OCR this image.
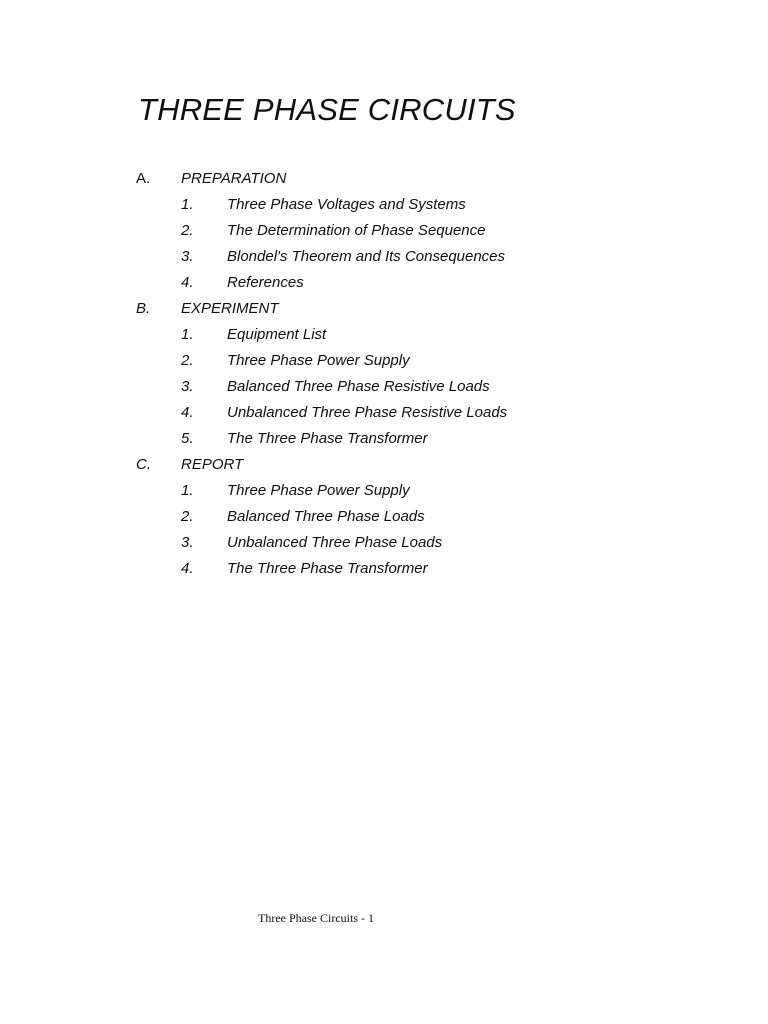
THREE PHASE CIRCUITS
A. PREPARATION
1. Three Phase Voltages and Systems
2. The Determination of Phase Sequence
3. Blondel's Theorem and Its Consequences
4. References
B. EXPERIMENT
1. Equipment List
2. Three Phase Power Supply
3. Balanced Three Phase Resistive Loads
4. Unbalanced Three Phase Resistive Loads
5. The Three Phase Transformer
C. REPORT
1. Three Phase Power Supply
2. Balanced Three Phase Loads
3. Unbalanced Three Phase Loads
4. The Three Phase Transformer
Three Phase Circuits - 1
